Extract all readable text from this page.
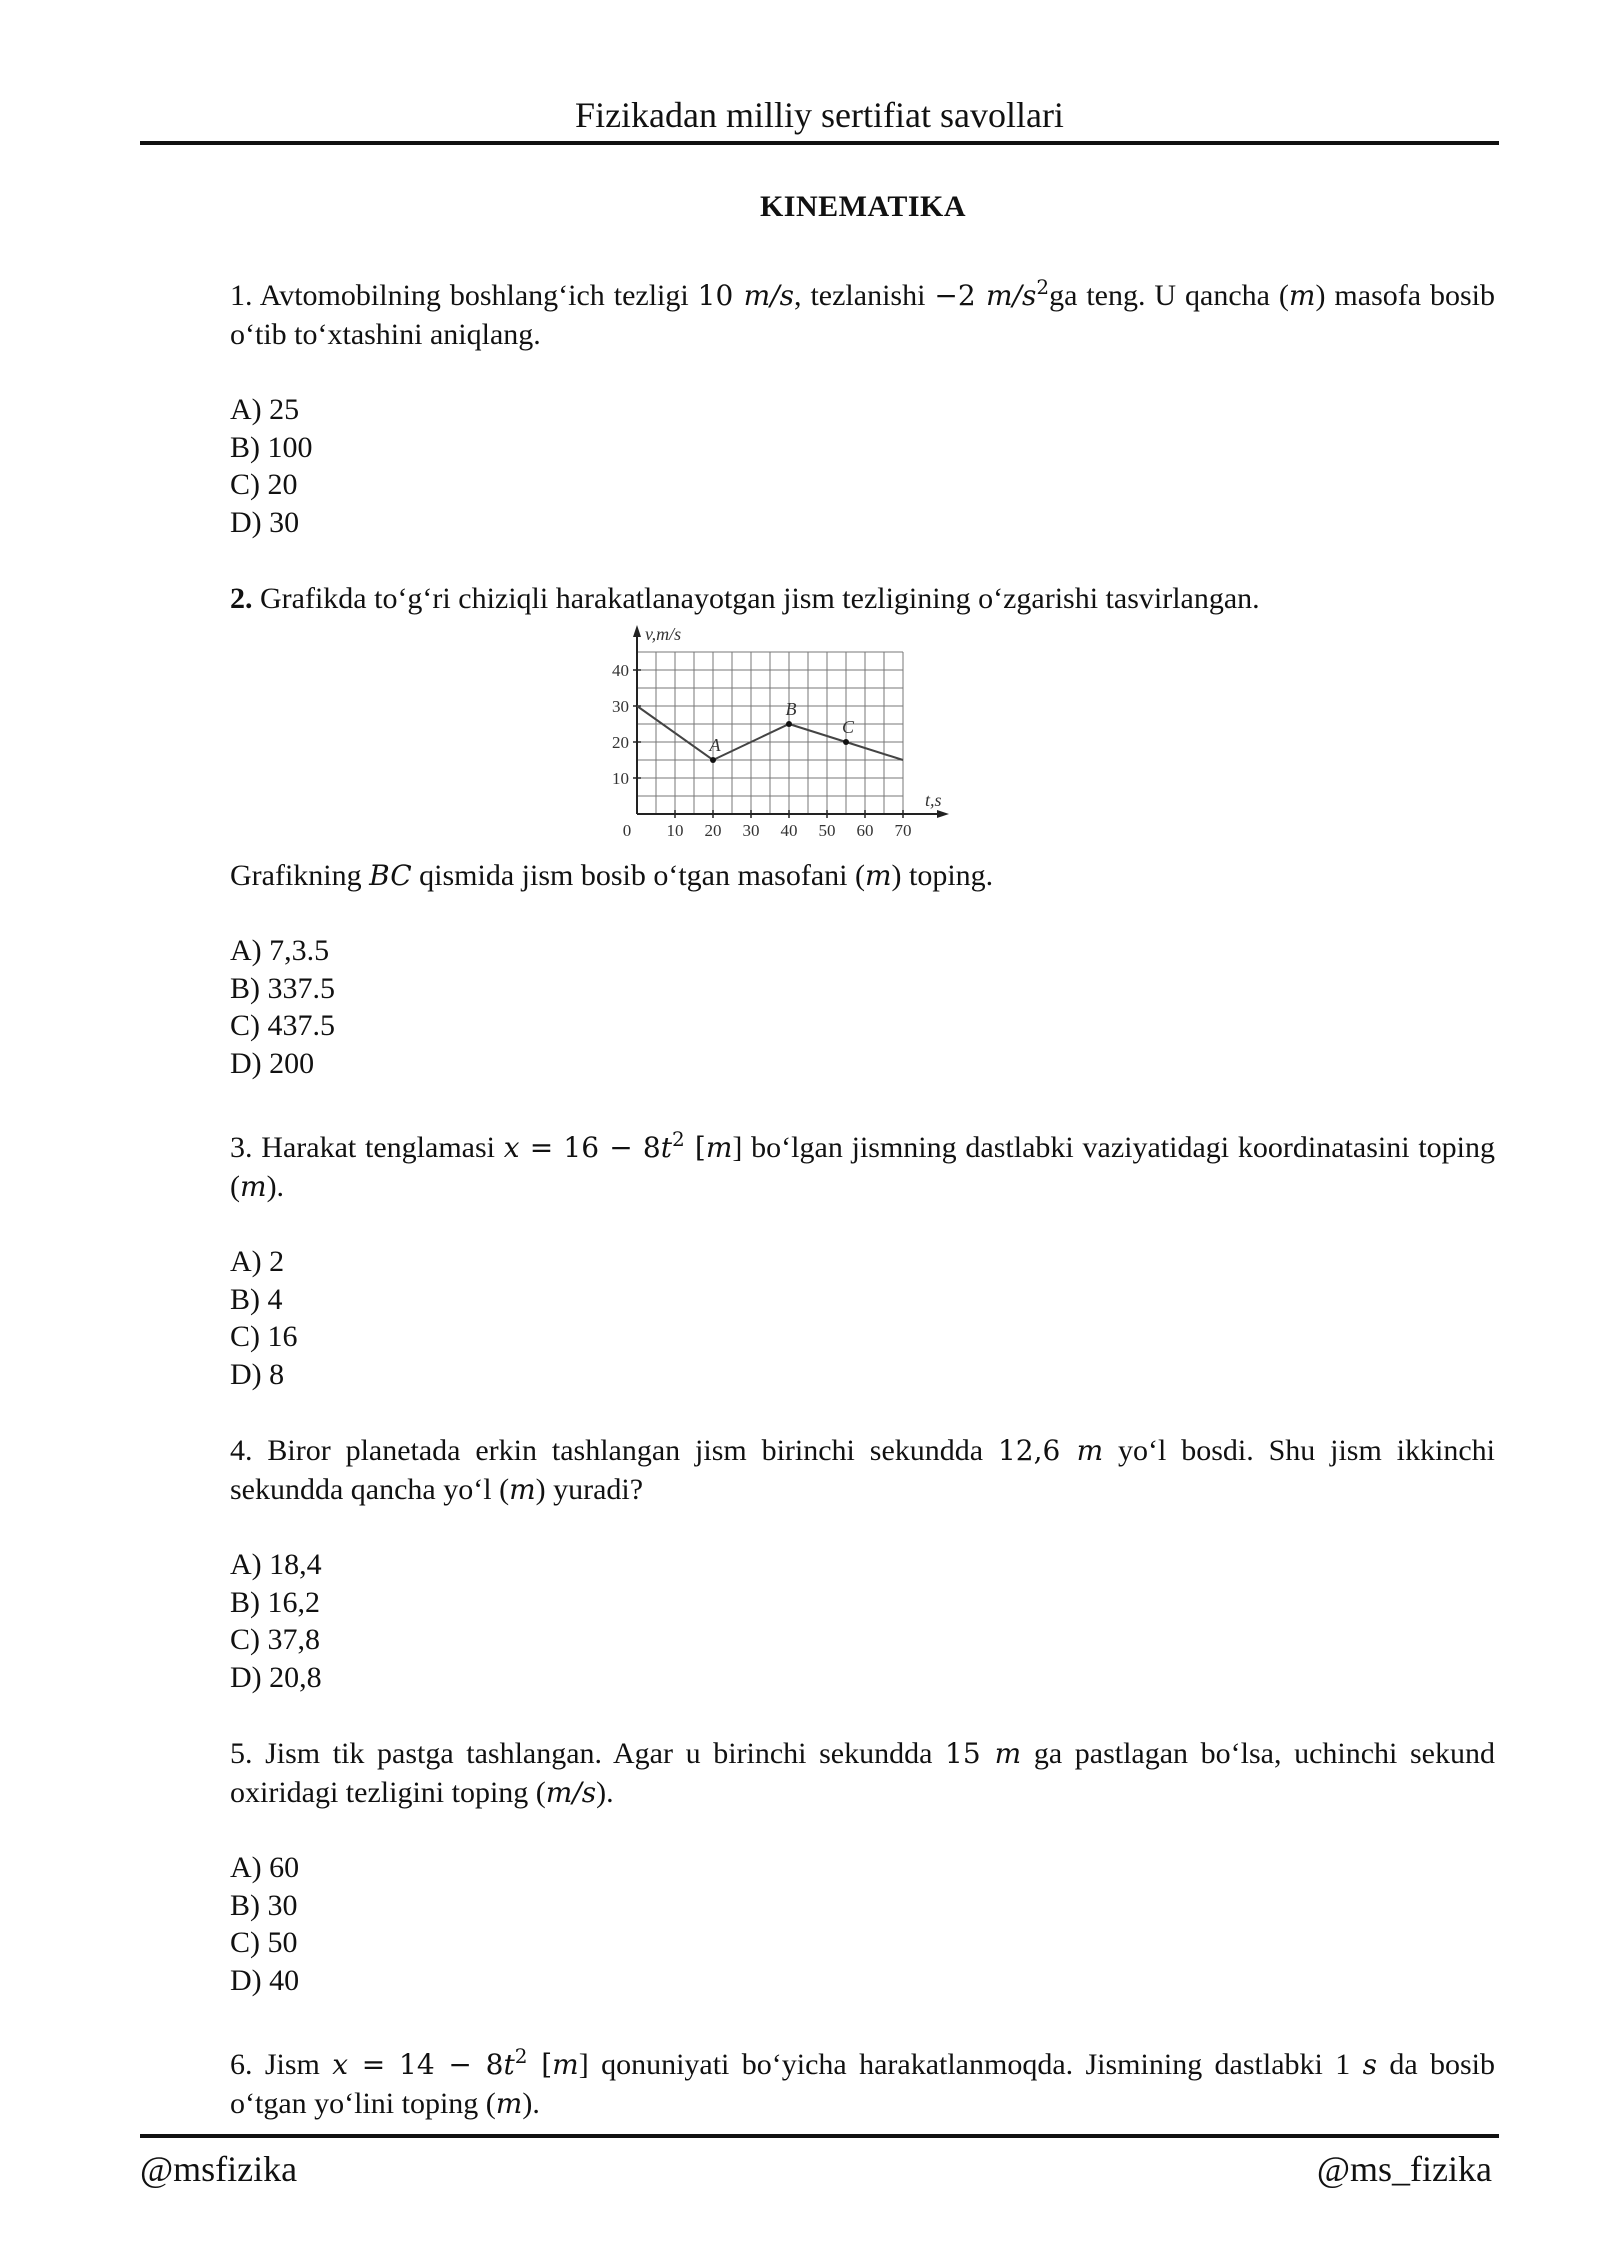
Fizikadan milliy sertifiat savollari
KINEMATIKA

1. Avtomobilning boshlang‘ich tezligi 10 m/s, tezlanishi −2 $m/s^2ga$ teng. U qancha (m) masofa bosib o‘tib to‘xtashini aniqlang.

A) 25
B) 100
C) 20
D) 30

2. Grafikda to‘g‘ri chiziqli harakatlanayotgan jism tezligining o‘zgarishi tasvirlangan.

0 10 20 30 40 50 60 70
10
20
30
40
v,m/s
t,s
A
B
C

Grafikning BC qismida jism bosib o‘tgan masofani (m) toping.

A) 7,3.5
B) 337.5
C) 437.5
D) 200

3. Harakat tenglamasi $x = 16 - 8t^2$ [m] bo‘lgan jismning dastlabki vaziyatidagi koordinatasini toping (m).

A) 2
B) 4
C) 16
D) 8

4. Biror planetada erkin tashlangan jism birinchi sekundda 12,6 m yo‘l bosdi. Shu jism ikkinchi sekundda qancha yo‘l (m) yuradi?

A) 18,4
B) 16,2
C) 37,8
D) 20,8

5. Jism tik pastga tashlangan. Agar u birinchi sekundda 15 m ga pastlagan bo‘lsa, uchinchi sekund oxiridagi tezligini toping (m/s).

A) 60
B) 30
C) 50
D) 40

6. Jism $x = 14 - 8t^2$ [m] qonuniyati bo‘yicha harakatlanmoqda. Jismining dastlabki 1 s da bosib o‘tgan yo‘lini toping (m).

@msfizika	@ms_fizika
